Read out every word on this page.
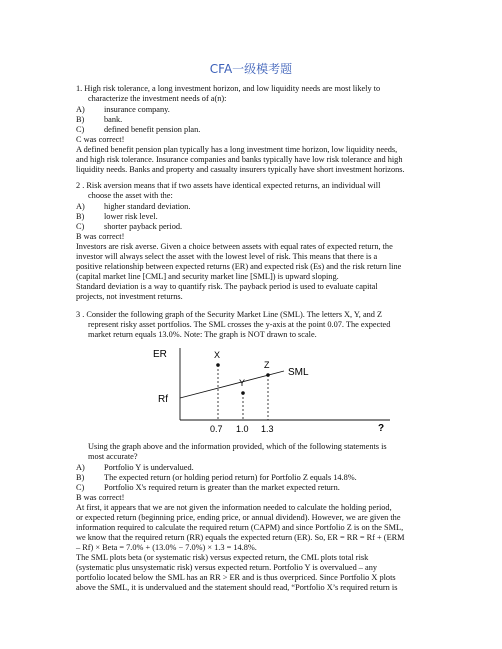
CFA一级模考题
1. High risk tolerance, a long investment horizon, and low liquidity needs are most likely to
characterize the investment needs of a(n):
A) insurance company.
B) bank.
C) defined benefit pension plan.
C was correct!
A defined benefit pension plan typically has a long investment time horizon, low liquidity needs,
and high risk tolerance. Insurance companies and banks typically have low risk tolerance and high
liquidity needs. Banks and property and casualty insurers typically have short investment horizons.
2 . Risk aversion means that if two assets have identical expected returns, an individual will
choose the asset with the:
A) higher standard deviation.
B) lower risk level.
C) shorter payback period.
B was correct!
Investors are risk averse. Given a choice between assets with equal rates of expected return, the
investor will always select the asset with the lowest level of risk. This means that there is a
positive relationship between expected returns (ER) and expected risk (Es) and the risk return line
(capital market line [CML] and security market line [SML]) is upward sloping.
Standard deviation is a way to quantify risk. The payback period is used to evaluate capital
projects, not investment returns.
3 . Consider the following graph of the Security Market Line (SML). The letters X, Y, and Z
represent risky asset portfolios. The SML crosses the y-axis at the point 0.07. The expected
market return equals 13.0%. Note: The graph is NOT drawn to scale.
ER
Rf
SML
X
Y
Z
0.7 1.0 1.3	?
Using the graph above and the information provided, which of the following statements is
most accurate?
A) Portfolio Y is undervalued.
B) The expected return (or holding period return) for Portfolio Z equals 14.8%.
C) Portfolio X's required return is greater than the market expected return.
B was correct!
At first, it appears that we are not given the information needed to calculate the holding period,
or expected return (beginning price, ending price, or annual dividend). However, we are given the
information required to calculate the required return (CAPM) and since Portfolio Z is on the SML,
we know that the required return (RR) equals the expected return (ER). So, ER = RR = Rf + (ERM
– Rf) × Beta = 7.0% + (13.0% − 7.0%) × 1.3 = 14.8%.
The SML plots beta (or systematic risk) versus expected return, the CML plots total risk
(systematic plus unsystematic risk) versus expected return. Portfolio Y is overvalued – any
portfolio located below the SML has an RR > ER and is thus overpriced. Since Portfolio X plots
above the SML, it is undervalued and the statement should read, “Portfolio X’s required return is
